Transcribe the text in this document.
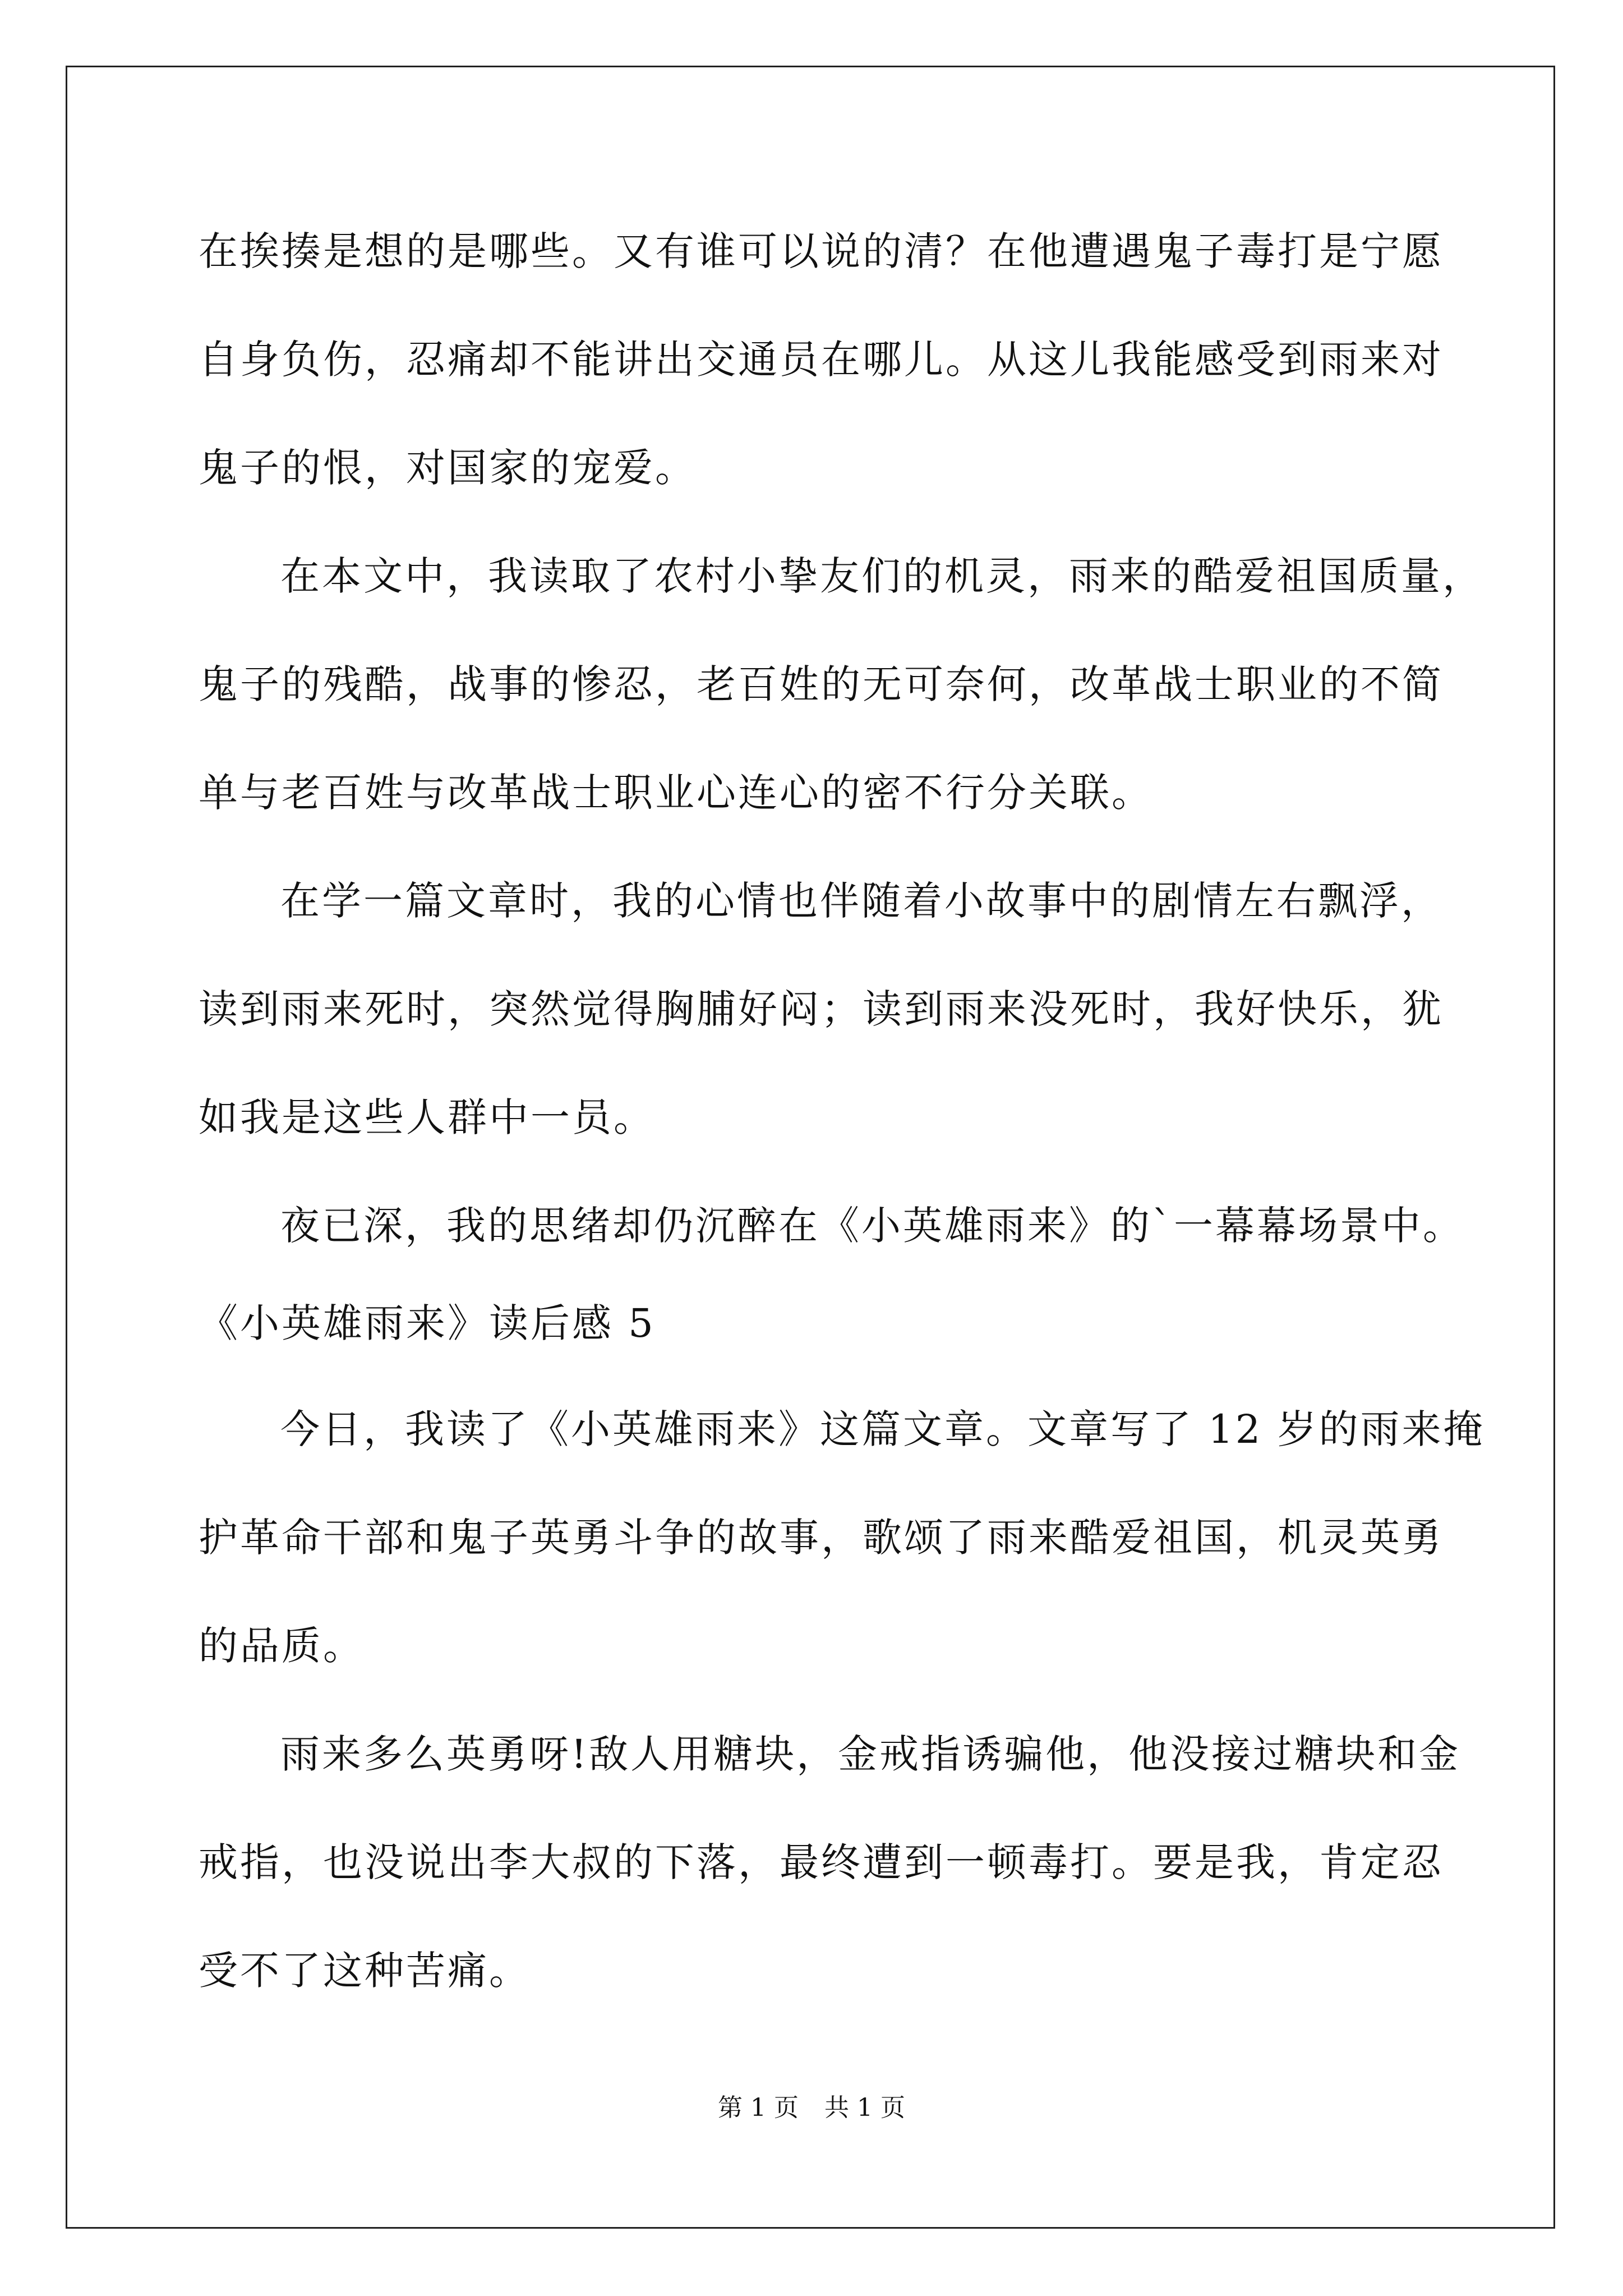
在挨揍是想的是哪些。又有谁可以说的清？在他遭遇鬼子毒打是宁愿
自身负伤，忍痛却不能讲出交通员在哪儿。从这儿我能感受到雨来对
鬼子的恨，对国家的宠爱。
在本文中，我读取了农村小挚友们的机灵，雨来的酷爱祖国质量，
鬼子的残酷，战事的惨忍，老百姓的无可奈何，改革战士职业的不简
单与老百姓与改革战士职业心连心的密不行分关联。
在学一篇文章时，我的心情也伴随着小故事中的剧情左右飘浮，
读到雨来死时，突然觉得胸脯好闷；读到雨来没死时，我好快乐，犹
如我是这些人群中一员。
夜已深，我的思绪却仍沉醉在《小英雄雨来》的`一幕幕场景中。
《小英雄雨来》读后感 5
今日，我读了《小英雄雨来》这篇文章。文章写了 12 岁的雨来掩
护革命干部和鬼子英勇斗争的故事，歌颂了雨来酷爱祖国，机灵英勇
的品质。
雨来多么英勇呀!敌人用糖块，金戒指诱骗他，他没接过糖块和金
戒指，也没说出李大叔的下落，最终遭到一顿毒打。要是我，肯定忍
受不了这种苦痛。
第 1 页 共 1 页
